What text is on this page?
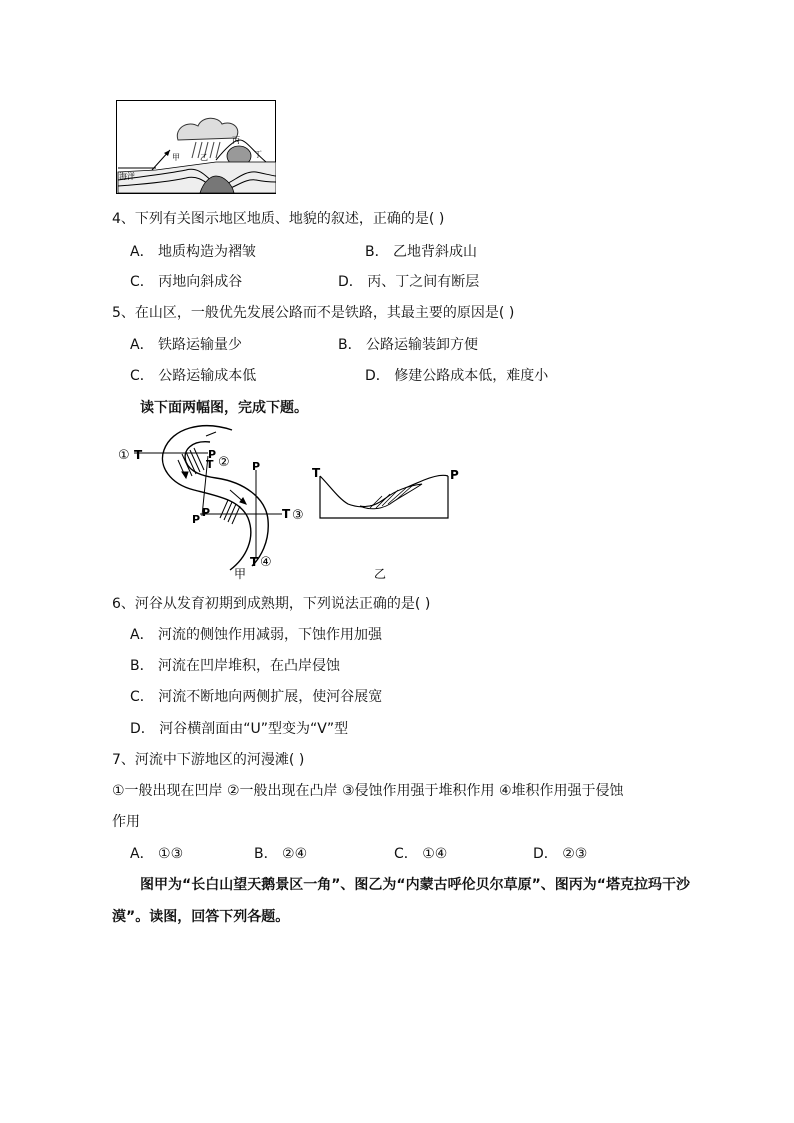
丙
丁
甲	乙
海洋
4、下列有关图示地区地质、地貌的叙述，正确的是( )
A． 地质构造为褶皱	B． 乙地背斜成山
C． 丙地向斜成谷	D． 丙、丁之间有断层
5、在山区，一般优先发展公路而不是铁路，其最主要的原因是( )
A． 铁路运输量少	B． 公路运输装卸方便
C． 公路运输成本低	D． 修建公路成本低，难度小
读下面两幅图，完成下题。
① T	P
T ② P
P
P	T ③
T ④
甲
T	P
乙
6、河谷从发育初期到成熟期，下列说法正确的是( )
A． 河流的侧蚀作用减弱，下蚀作用加强
B． 河流在凹岸堆积，在凸岸侵蚀
C． 河流不断地向两侧扩展，使河谷展宽
D． 河谷横剖面由“U”型变为“V”型
7、河流中下游地区的河漫滩( )
①一般出现在凹岸 ②一般出现在凸岸 ③侵蚀作用强于堆积作用 ④堆积作用强于侵蚀
作用
A． ①③	B． ②④	C． ①④	D． ②③
图甲为“长白山望天鹅景区一角”、图乙为“内蒙古呼伦贝尔草原”、图丙为“塔克拉玛干沙
漠”。读图，回答下列各题。
